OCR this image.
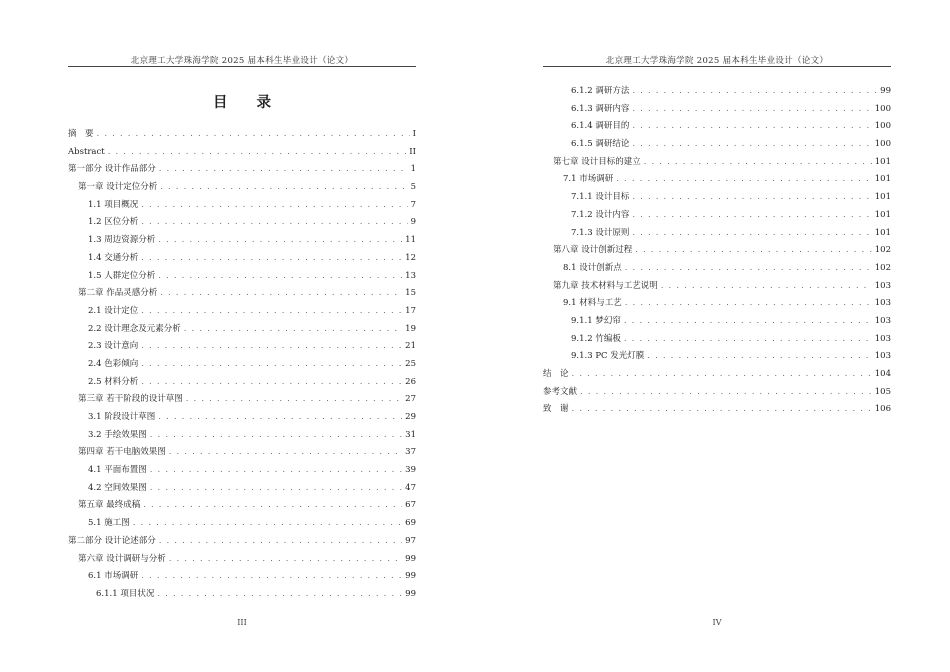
北京理工大学珠海学院 2025 届本科生毕业设计（论文）
目 录
摘　要 . . .	I
Abstract . . .	II
第一部分 设计作品部分 . . .	1
第一章 设计定位分析 . . .	5
1.1 项目概况 . . .	7
1.2 区位分析 . . .	9
1.3 周边资源分析 . . .	11
1.4 交通分析 . . .	12
1.5 人群定位分析 . . .	13
第二章 作品灵感分析 . . .	15
2.1 设计定位 . . .	17
2.2 设计理念及元素分析 . . .	19
2.3 设计意向 . . .	21
2.4 色彩倾向 . . .	25
2.5 材料分析 . . .	26
第三章 若干阶段的设计草图 . . .	27
3.1 阶段设计草图 . . .	29
3.2 手绘效果图 . . .	31
第四章 若干电脑效果图 . . .	37
4.1 平面布置图 . . .	39
4.2 空间效果图 . . .	47
第五章 最终成稿 . . .	67
5.1 施工图 . . .	69
第二部分 设计论述部分 . . .	97
第六章 设计调研与分析 . . .	99
6.1 市场调研 . . .	99
6.1.1 项目状况 . . .	99
III
北京理工大学珠海学院 2025 届本科生毕业设计（论文）
6.1.2 调研方法 . . .	99
6.1.3 调研内容 . . .	100
6.1.4 调研目的 . . .	100
6.1.5 调研结论 . . .	100
第七章 设计目标的建立 . . .	101
7.1 市场调研 . . .	101
7.1.1 设计目标 . . .	101
7.1.2 设计内容 . . .	101
7.1.3 设计原则 . . .	101
第八章 设计创新过程 . . .	102
8.1 设计创新点 . . .	102
第九章 技术材料与工艺说明 . . .	103
9.1 材料与工艺 . . .	103
9.1.1 梦幻帘 . . .	103
9.1.2 竹编板 . . .	103
9.1.3 PC 发光灯膜 . . .	103
结　论 . . .	104
参考文献 . . .	105
致　谢 . . .	106
IV
